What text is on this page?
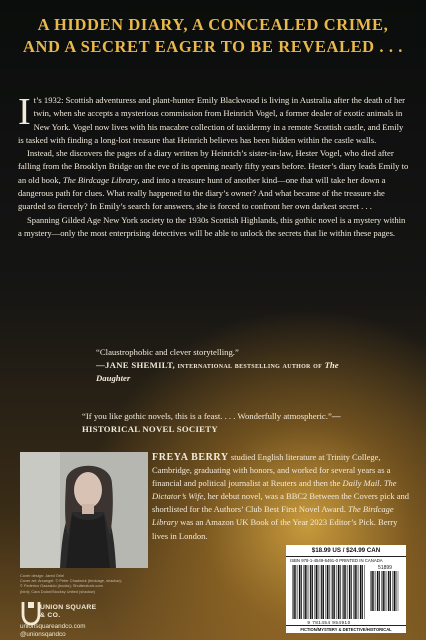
A HIDDEN DIARY, A CONCEALED CRIME,
AND A SECRET EAGER TO BE REVEALED . . .

It’s 1932: Scottish adventuress and plant-hunter Emily Blackwood is living in Australia after the death of her twin, when she accepts a mysterious commission from Heinrich Vogel, a former dealer of exotic animals in New York. Vogel now lives with his macabre collection of taxidermy in a remote Scottish castle, and Emily is tasked with finding a long-lost treasure that Heinrich believes has been hidden within the castle walls.

Instead, she discovers the pages of a diary written by Heinrich’s sister-in-law, Hester Vogel, who died after falling from the Brooklyn Bridge on the eve of its opening nearly fifty years before. Hester’s diary leads Emily to an old book, The Birdcage Library, and into a treasure hunt of another kind—one that will take her down a dangerous path for clues. What really happened to the diary’s owner? And what became of the treasure she guarded so fiercely? In Emily’s search for answers, she is forced to confront her own darkest secret . . .

Spanning Gilded Age New York society to the 1930s Scottish Highlands, this gothic novel is a mystery within a mystery—only the most enterprising detectives will be able to unlock the secrets that lie within these pages.

“Claustrophobic and clever storytelling.”
—JANE SHEMILT, international bestselling author of The Daughter
“If you like gothic novels, this is a feast. . . . Wonderfully atmospheric.”—HISTORICAL NOVEL SOCIETY
FREYA BERRY studied English literature at Trinity College, Cambridge, graduating with honors, and worked for several years as a financial and political journalist at Reuters and then the Daily Mail. The Dictator’s Wife, her debut novel, was a BBC2 Between the Covers pick and shortlisted for the Authors’ Club Best First Novel Award. The Birdcage Library was an Amazon UK Book of the Year 2023 Editor’s Pick. Berry lives in London.
Cover design: Jared Oriel
Cover art: Arcangel: © Peter Chadwick (birdcage, shadow);
© Federico Gazzaldo (books); Shutterstock.com
(bird); Cara Dolan/Stocksy United (shadow)
UNION SQUARE
& CO.
unionsquareandco.com
@unionsqandco
$18.99 US / $24.99 CAN
ISBN 978-1-4549-5491-0 PRINTED IN CANADA
51899
9 781454 954910
FICTION/MYSTERY & DETECTIVE/HISTORICAL
